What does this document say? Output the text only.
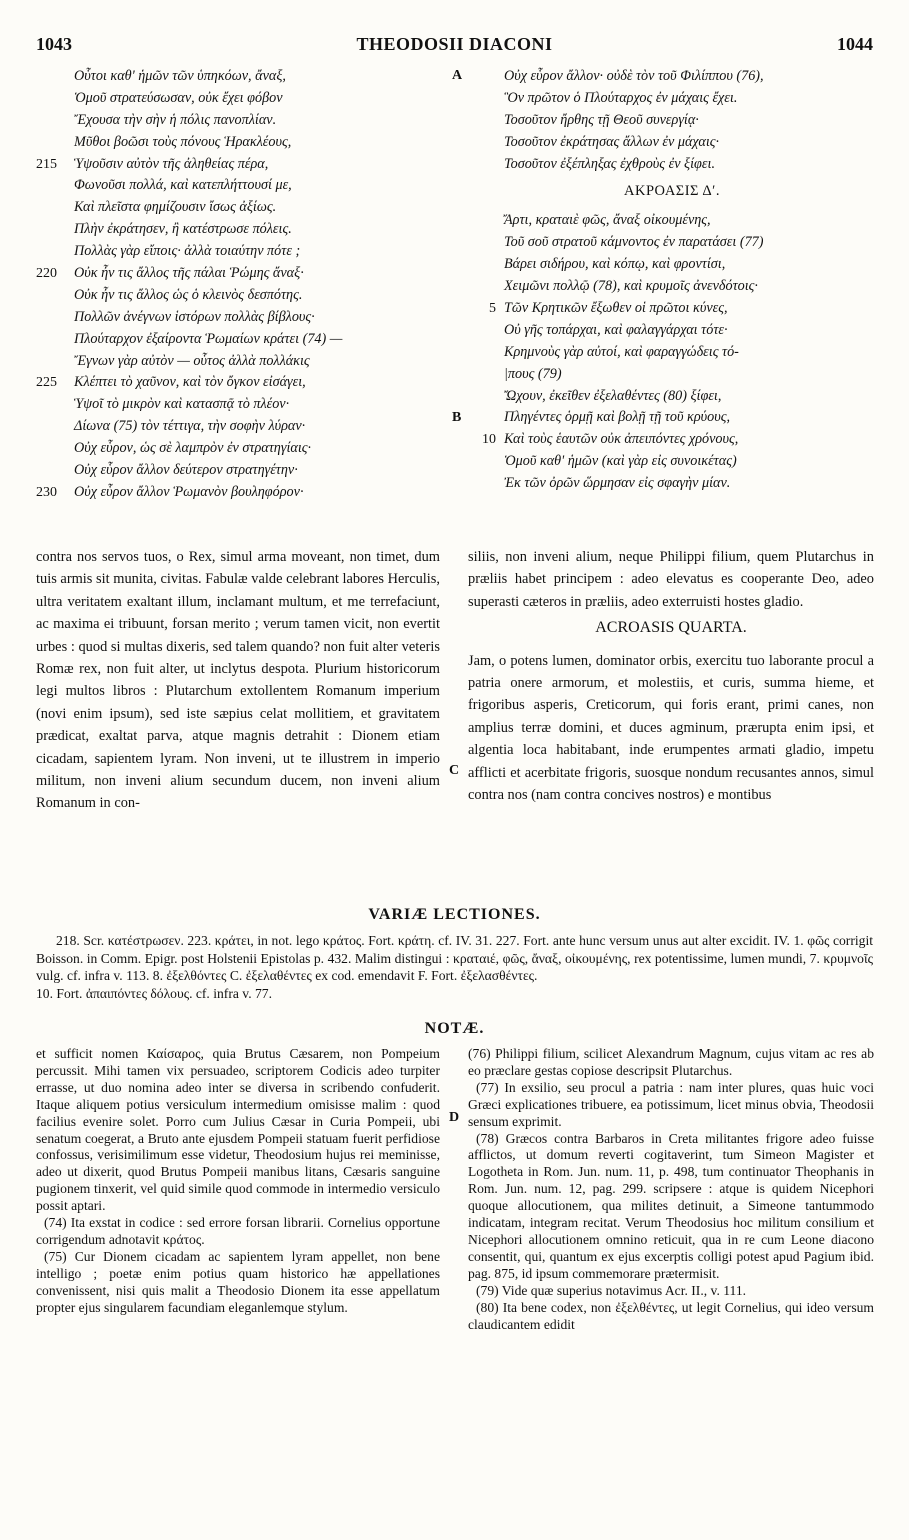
1043	THEODOSII DIACONI	1044
Οὗτοι καθ' ἡμῶν τῶν ὑπηκόων, ἄναξ,
Ὁμοῦ στρατεύσωσαν, οὐκ ἔχει φόβον
Ἔχουσα τὴν σὴν ἡ πόλις πανοπλίαν.
Μῦθοι βοῶσι τοὺς πόνους Ἡρακλέους,
215 Ὑψοῦσιν αὐτὸν τῆς ἀληθείας πέρα,
Φωνοῦσι πολλά, καὶ κατεπλήττουσί με,
Καὶ πλεῖστα φημίζουσιν ἴσως ἀξίως.
Πλὴν ἐκράτησεν, ἢ κατέστρωσε πόλεις.
Πολλὰς γὰρ εἴποις· ἀλλὰ τοιαύτην πότε ;
220 Οὐκ ἦν τις ἄλλος τῆς πάλαι Ῥώμης ἄναξ·
Οὐκ ἦν τις ἄλλος ὡς ὁ κλεινὸς δεσπότης.
Πολλῶν ἀνέγνων ἱστόρων πολλὰς βίβλους·
Πλούταρχον ἐξαίροντα Ῥωμαίων κράτει (74) —
Ἔγνων γὰρ αὐτὸν — οὗτος ἀλλὰ πολλάκις
225 Κλέπτει τὸ χαῦνον, καὶ τὸν ὄγκον εἰσάγει,
Ὑψοῖ τὸ μικρὸν καὶ κατασπᾷ τὸ πλέον·
Δίωνα (75) τὸν τέττιγα, τὴν σοφὴν λύραν·
Οὐχ εὗρον, ὡς σὲ λαμπρὸν ἐν στρατηγίαις·
Οὐχ εὗρον ἄλλον δεύτερον στρατηγέτην·
230 Οὐχ εὗρον ἄλλον Ῥωμανὸν βουληφόρον·
Οὐχ εὗρον ἄλλον· οὐδὲ τὸν τοῦ Φιλίππου (76),
Ὃν πρῶτον ὁ Πλούταρχος ἐν μάχαις ἔχει.
Τοσοῦτον ἤρθης τῇ Θεοῦ συνεργίᾳ·
Τοσοῦτον ἐκράτησας ἄλλων ἐν μάχαις·
Τοσοῦτον ἐξέπληξας ἐχθροὺς ἐν ξίφει.
ΑΚΡΟΑΣΙΣ Δʹ.
Ἄρτι, κραταιὲ φῶς, ἄναξ οἰκουμένης,
Τοῦ σοῦ στρατοῦ κάμνοντος ἐν παρατάσει (77)
Βάρει σιδήρου, καὶ κόπῳ, καὶ φροντίσι,
Χειμῶνι πολλῷ (78), καὶ κρυμοῖς ἀνενδότοις·
5 Τῶν Κρητικῶν ἔξωθεν οἱ πρῶτοι κύνες,
Οὐ γῆς τοπάρχαι, καὶ φαλαγγάρχαι τότε·
Κρημνοὺς γὰρ αὐτοί, καὶ φαραγγώδεις τό-
|πους (79)
Ὤχουν, ἐκεῖθεν ἐξελαθέντες (80) ξίφει,
Πληγέντες ὁρμῇ καὶ βολῇ τῇ τοῦ κρύους,
10 Καὶ τοὺς ἑαυτῶν οὐκ ἀπειπόντες χρόνους,
Ὁμοῦ καθ' ἡμῶν (καὶ γὰρ εἰς συνοικέτας)
Ἐκ τῶν ὀρῶν ὥρμησαν εἰς σφαγὴν μίαν.
A
B
C
D

contra nos servos tuos, o Rex, simul arma moveant, non timet, dum tuis armis sit munita, civitas. Fabulæ valde celebrant labores Herculis, ultra veritatem exaltant illum, inclamant multum, et me terrefaciunt, ac maxima ei tribuunt, forsan merito ; verum tamen vicit, non evertit urbes : quod si multas dixeris, sed talem quando? non fuit alter veteris Romæ rex, non fuit alter, ut inclytus despota. Plurium historicorum legi multos libros : Plutarchum extollentem Romanum imperium (novi enim ipsum), sed iste sæpius celat mollitiem, et gravitatem prædicat, exaltat parva, atque magnis detrahit : Dionem etiam cicadam, sapientem lyram. Non inveni, ut te illustrem in imperio militum, non inveni alium secundum ducem, non inveni alium Romanum in con-

siliis, non inveni alium, neque Philippi filium, quem Plutarchus in præliis habet principem : adeo elevatus es cooperante Deo, adeo superasti cæteros in præliis, adeo exterruisti hostes gladio.

ACROASIS QUARTA.

Jam, o potens lumen, dominator orbis, exercitu tuo laborante procul a patria onere armorum, et molestiis, et curis, summa hieme, et frigoribus asperis, Creticorum, qui foris erant, primi canes, non amplius terræ domini, et duces agminum, prærupta enim ipsi, et algentia loca habitabant, inde erumpentes armati gladio, impetu afflicti et acerbitate frigoris, suosque nondum recusantes annos, simul contra nos (nam contra concives nostros) e montibus

VARIÆ LECTIONES.

218. Scr. κατέστρωσεν. 223. κράτει, in not. lego κράτος. Fort. κράτη. cf. IV. 31. 227. Fort. ante hunc versum unus aut alter excidit. IV. 1. φῶς corrigit Boisson. in Comm. Epigr. post Holstenii Epistolas p. 432. Malim distingui : κραταιέ, φῶς, ἄναξ, οἰκουμένης, rex potentissime, lumen mundi, 7. κρυμνοῖς vulg. cf. infra v. 113. 8. ἐξελθόντες C. ἐξελαθέντες ex cod. emendavit F. Fort. ἐξελασθέντες.

10. Fort. ἀπαιπόντες δόλους. cf. infra v. 77.

NOTÆ.

et sufficit nomen Καίσαρος, quia Brutus Cæsarem, non Pompeium percussit. Mihi tamen vix persuadeo, scriptorem Codicis adeo turpiter errasse, ut duo nomina adeo inter se diversa in scribendo confuderit. Itaque aliquem potius versiculum intermedium omisisse malim : quod facilius evenire solet. Porro cum Julius Cæsar in Curia Pompeii, ubi senatum coegerat, a Bruto ante ejusdem Pompeii statuam fuerit perfidiose confossus, verisimilimum esse videtur, Theodosium hujus rei meminisse, adeo ut dixerit, quod Brutus Pompeii manibus litans, Cæsaris sanguine pugionem tinxerit, vel quid simile quod commode in intermedio versiculo possit aptari.

(74) Ita exstat in codice : sed errore forsan librarii. Cornelius opportune corrigendum adnotavit κράτος.

(75) Cur Dionem cicadam ac sapientem lyram appellet, non bene intelligo ; poetæ enim potius quam historico hæ appellationes convenissent, nisi quis malit a Theodosio Dionem ita esse appellatum propter ejus singularem facundiam eleganlemque stylum.

(76) Philippi filium, scilicet Alexandrum Magnum, cujus vitam ac res ab eo præclare gestas copiose descripsit Plutarchus.

(77) In exsilio, seu procul a patria : nam inter plures, quas huic voci Græci explicationes tribuere, ea potissimum, licet minus obvia, Theodosii sensum exprimit.

(78) Græcos contra Barbaros in Creta militantes frigore adeo fuisse afflictos, ut domum reverti cogitaverint, tum Simeon Magister et Logotheta in Rom. Jun. num. 11, p. 498, tum continuator Theophanis in Rom. Jun. num. 12, pag. 299. scripsere : atque is quidem Nicephori quoque allocutionem, qua milites detinuit, a Simeone tantummodo indicatam, integram recitat. Verum Theodosius hoc militum consilium et Nicephori allocutionem omnino reticuit, qua in re cum Leone diacono consentit, qui, quantum ex ejus excerptis colligi potest apud Pagium ibid. pag. 875, id ipsum commemorare prætermisit.

(79) Vide quæ superius notavimus Acr. II., v. 111.

(80) Ita bene codex, non ἐξελθέντες, ut legit Cornelius, qui ideo versum claudicantem edidit
